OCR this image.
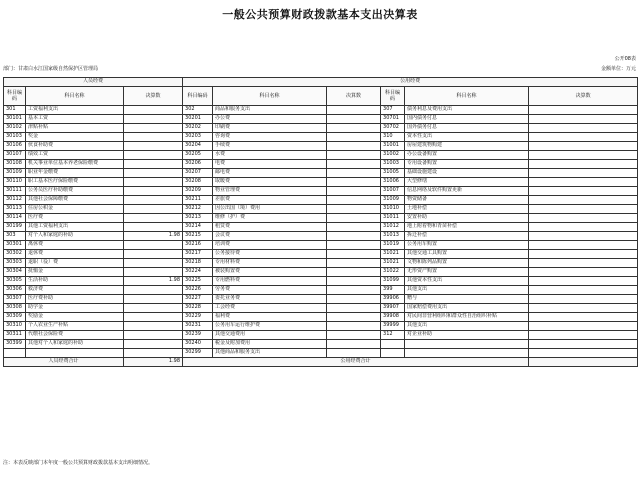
一般公共预算财政拨款基本支出决算表
公开08表
部门：甘肃白水江国家级自然保护区管理局	金额单位：万元
人员经费			公用经费					
科目编码	科目名称	决算数	科目编码	科目名称	决算数	科目编码	科目名称	决算数
301	工资福利支出		302	商品和服务支出		307	债务利息及费用支出	
30101	基本工资		30201	办公费		30701	国内债务付息	
30102	津贴补贴		30202	印刷费		30702	国外债务付息	
30103	奖金		30203	咨询费		310	资本性支出	
30106	伙食补助费		30204	手续费		31001	房屋建筑物购建	
30107	绩效工资		30205	水费		31002	办公设备购置	
30108	机关事业单位基本养老保险缴费		30206	电费		31003	专用设备购置	
30109	职业年金缴费		30207	邮电费		31005	基础设施建设	
30110	职工基本医疗保险缴费		30208	取暖费		31006	大型修缮	
30111	公务员医疗补助缴费		30209	物业管理费		31007	信息网络及软件购置更新	
30112	其他社会保障缴费		30211	差旅费		31009	物资储备	
30113	住房公积金		30212	因公出国（境）费用		31010	土地补偿	
30114	医疗费		30213	维修（护）费		31011	安置补助	
30199	其他工资福利支出		30214	租赁费		31012	地上附着物和青苗补偿	
303	对个人和家庭的补助	1.98	30215	会议费		31013	拆迁补偿	
30301	离休费		30216	培训费		31019	公务用车购置	
30302	退休费		30217	公务接待费		31021	其他交通工具购置	
30303	退职（役）费		30218	专用材料费		31021	文物和陈列品购置	
30304	抚恤金		30224	被装购置费		31022	无形资产购置	
30305	生活补助	1.98	30225	专用燃料费		31099	其他资本性支出	
30306	救济费		30226	劳务费		399	其他支出	
30307	医疗费补助		30227	委托业务费		39906	赠与	
30308	助学金		30228	工会经费		39907	国家赔偿费用支出	
30309	奖励金		30229	福利费		39908	对民间非营利组织和群众性自治组织补贴	
30310	个人农业生产补贴		30231	公务用车运行维护费		39999	其他支出	
30311	代缴社会保险费		30239	其他交通费用		312	对企业补助	
30399	其他对个人和家庭的补助		30240	税金及附加费用				
			30299	其他商品和服务支出				
人员经费合计		1.98	公用经费合计					
注：本表反映部门本年度一般公共预算财政拨款基本支出明细情况。
